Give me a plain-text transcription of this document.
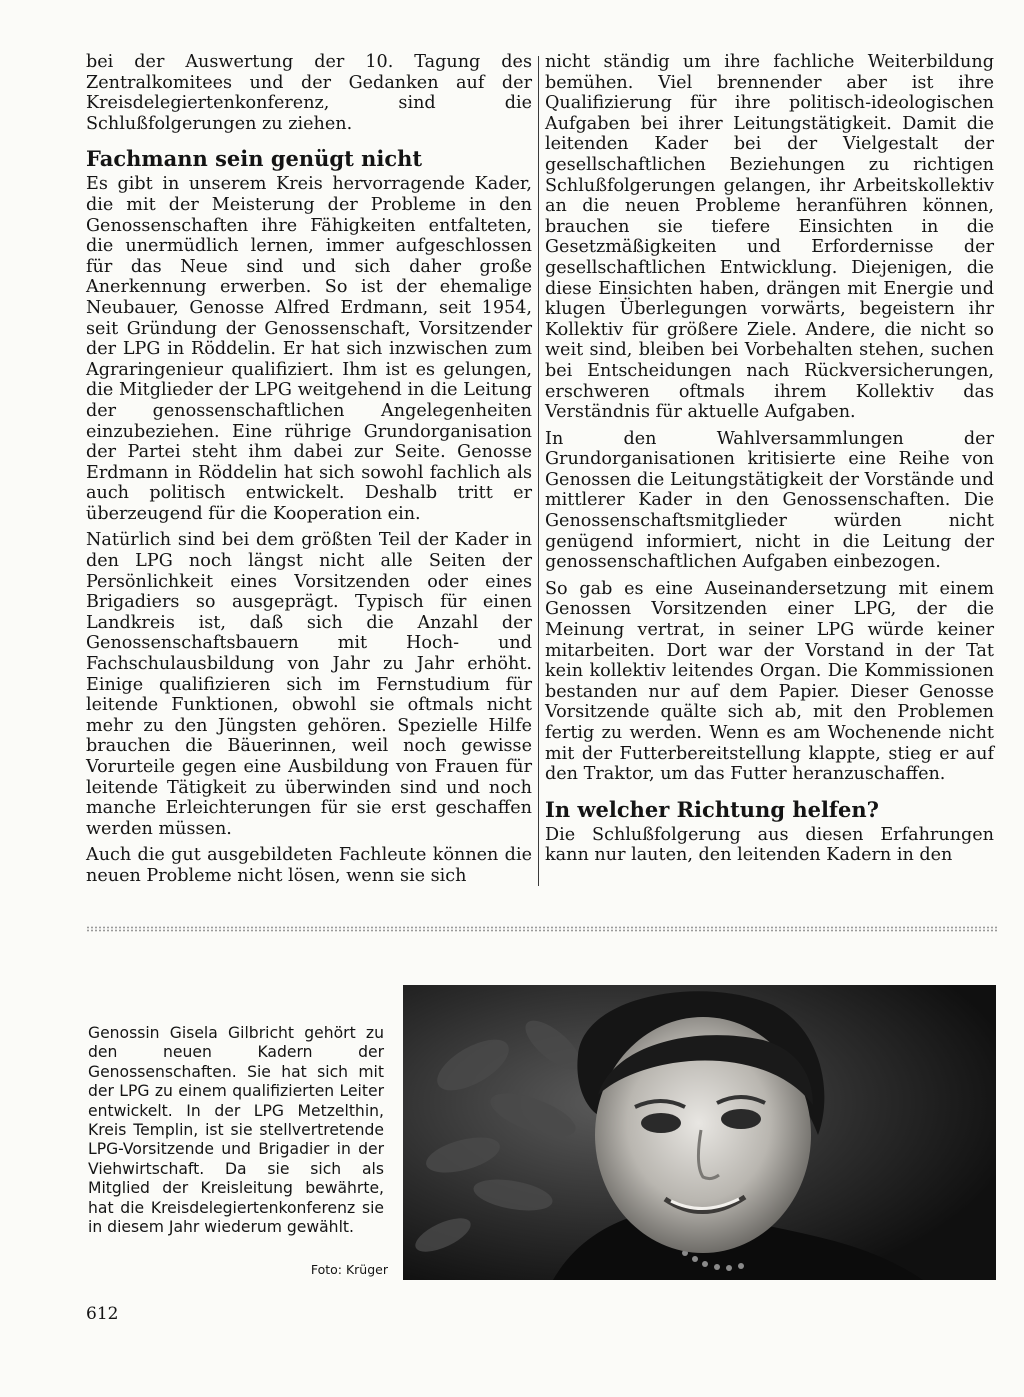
bei der Auswertung der 10. Tagung des Zentralkomitees und der Gedanken auf der Kreisdelegiertenkonferenz, sind die Schlußfolgerungen zu ziehen.

Fachmann sein genügt nicht

Es gibt in unserem Kreis hervorragende Kader, die mit der Meisterung der Probleme in den Genossenschaften ihre Fähigkeiten entfalteten, die unermüdlich lernen, immer aufgeschlossen für das Neue sind und sich daher große Anerkennung erwerben. So ist der ehemalige Neubauer, Genosse Alfred Erdmann, seit 1954, seit Gründung der Genossenschaft, Vorsitzender der LPG in Röddelin. Er hat sich inzwischen zum Agraringenieur qualifiziert. Ihm ist es gelungen, die Mitglieder der LPG weitgehend in die Leitung der genossenschaftlichen Angelegenheiten einzubeziehen. Eine rührige Grundorganisation der Partei steht ihm dabei zur Seite. Genosse Erdmann in Röddelin hat sich sowohl fachlich als auch politisch entwickelt. Deshalb tritt er überzeugend für die Kooperation ein.

Natürlich sind bei dem größten Teil der Kader in den LPG noch längst nicht alle Seiten der Persönlichkeit eines Vorsitzenden oder eines Brigadiers so ausgeprägt. Typisch für einen Landkreis ist, daß sich die Anzahl der Genossenschaftsbauern mit Hoch- und Fachschulausbildung von Jahr zu Jahr erhöht. Einige qualifizieren sich im Fernstudium für leitende Funktionen, obwohl sie oftmals nicht mehr zu den Jüngsten gehören. Spezielle Hilfe brauchen die Bäuerinnen, weil noch gewisse Vorurteile gegen eine Ausbildung von Frauen für leitende Tätigkeit zu überwinden sind und noch manche Erleichterungen für sie erst geschaffen werden müssen.

Auch die gut ausgebildeten Fachleute können die neuen Probleme nicht lösen, wenn sie sich

nicht ständig um ihre fachliche Weiterbildung bemühen. Viel brennender aber ist ihre Qualifizierung für ihre politisch-ideologischen Aufgaben bei ihrer Leitungstätigkeit. Damit die leitenden Kader bei der Vielgestalt der gesellschaftlichen Beziehungen zu richtigen Schlußfolgerungen gelangen, ihr Arbeitskollektiv an die neuen Probleme heranführen können, brauchen sie tiefere Einsichten in die Gesetzmäßigkeiten und Erfordernisse der gesellschaftlichen Entwicklung. Diejenigen, die diese Einsichten haben, drängen mit Energie und klugen Überlegungen vorwärts, begeistern ihr Kollektiv für größere Ziele. Andere, die nicht so weit sind, bleiben bei Vorbehalten stehen, suchen bei Entscheidungen nach Rückversicherungen, erschweren oftmals ihrem Kollektiv das Verständnis für aktuelle Aufgaben.

In den Wahlversammlungen der Grundorganisationen kritisierte eine Reihe von Genossen die Leitungstätigkeit der Vorstände und mittlerer Kader in den Genossenschaften. Die Genossenschaftsmitglieder würden nicht genügend informiert, nicht in die Leitung der genossenschaftlichen Aufgaben einbezogen.

So gab es eine Auseinandersetzung mit einem Genossen Vorsitzenden einer LPG, der die Meinung vertrat, in seiner LPG würde keiner mitarbeiten. Dort war der Vorstand in der Tat kein kollektiv leitendes Organ. Die Kommissionen bestanden nur auf dem Papier. Dieser Genosse Vorsitzende quälte sich ab, mit den Problemen fertig zu werden. Wenn es am Wochenende nicht mit der Futterbereitstellung klappte, stieg er auf den Traktor, um das Futter heranzuschaffen.

In welcher Richtung helfen?

Die Schlußfolgerung aus diesen Erfahrungen kann nur lauten, den leitenden Kadern in den

Genossin Gisela Gilbricht gehört zu den neuen Kadern der Genossenschaften. Sie hat sich mit der LPG zu einem qualifizierten Leiter entwickelt. In der LPG Metzelthin, Kreis Templin, ist sie stellvertretende LPG-Vorsitzende und Brigadier in der Viehwirtschaft. Da sie sich als Mitglied der Kreisleitung bewährte, hat die Kreisdelegiertenkonferenz sie in diesem Jahr wiederum gewählt.
Foto: Krüger
612
